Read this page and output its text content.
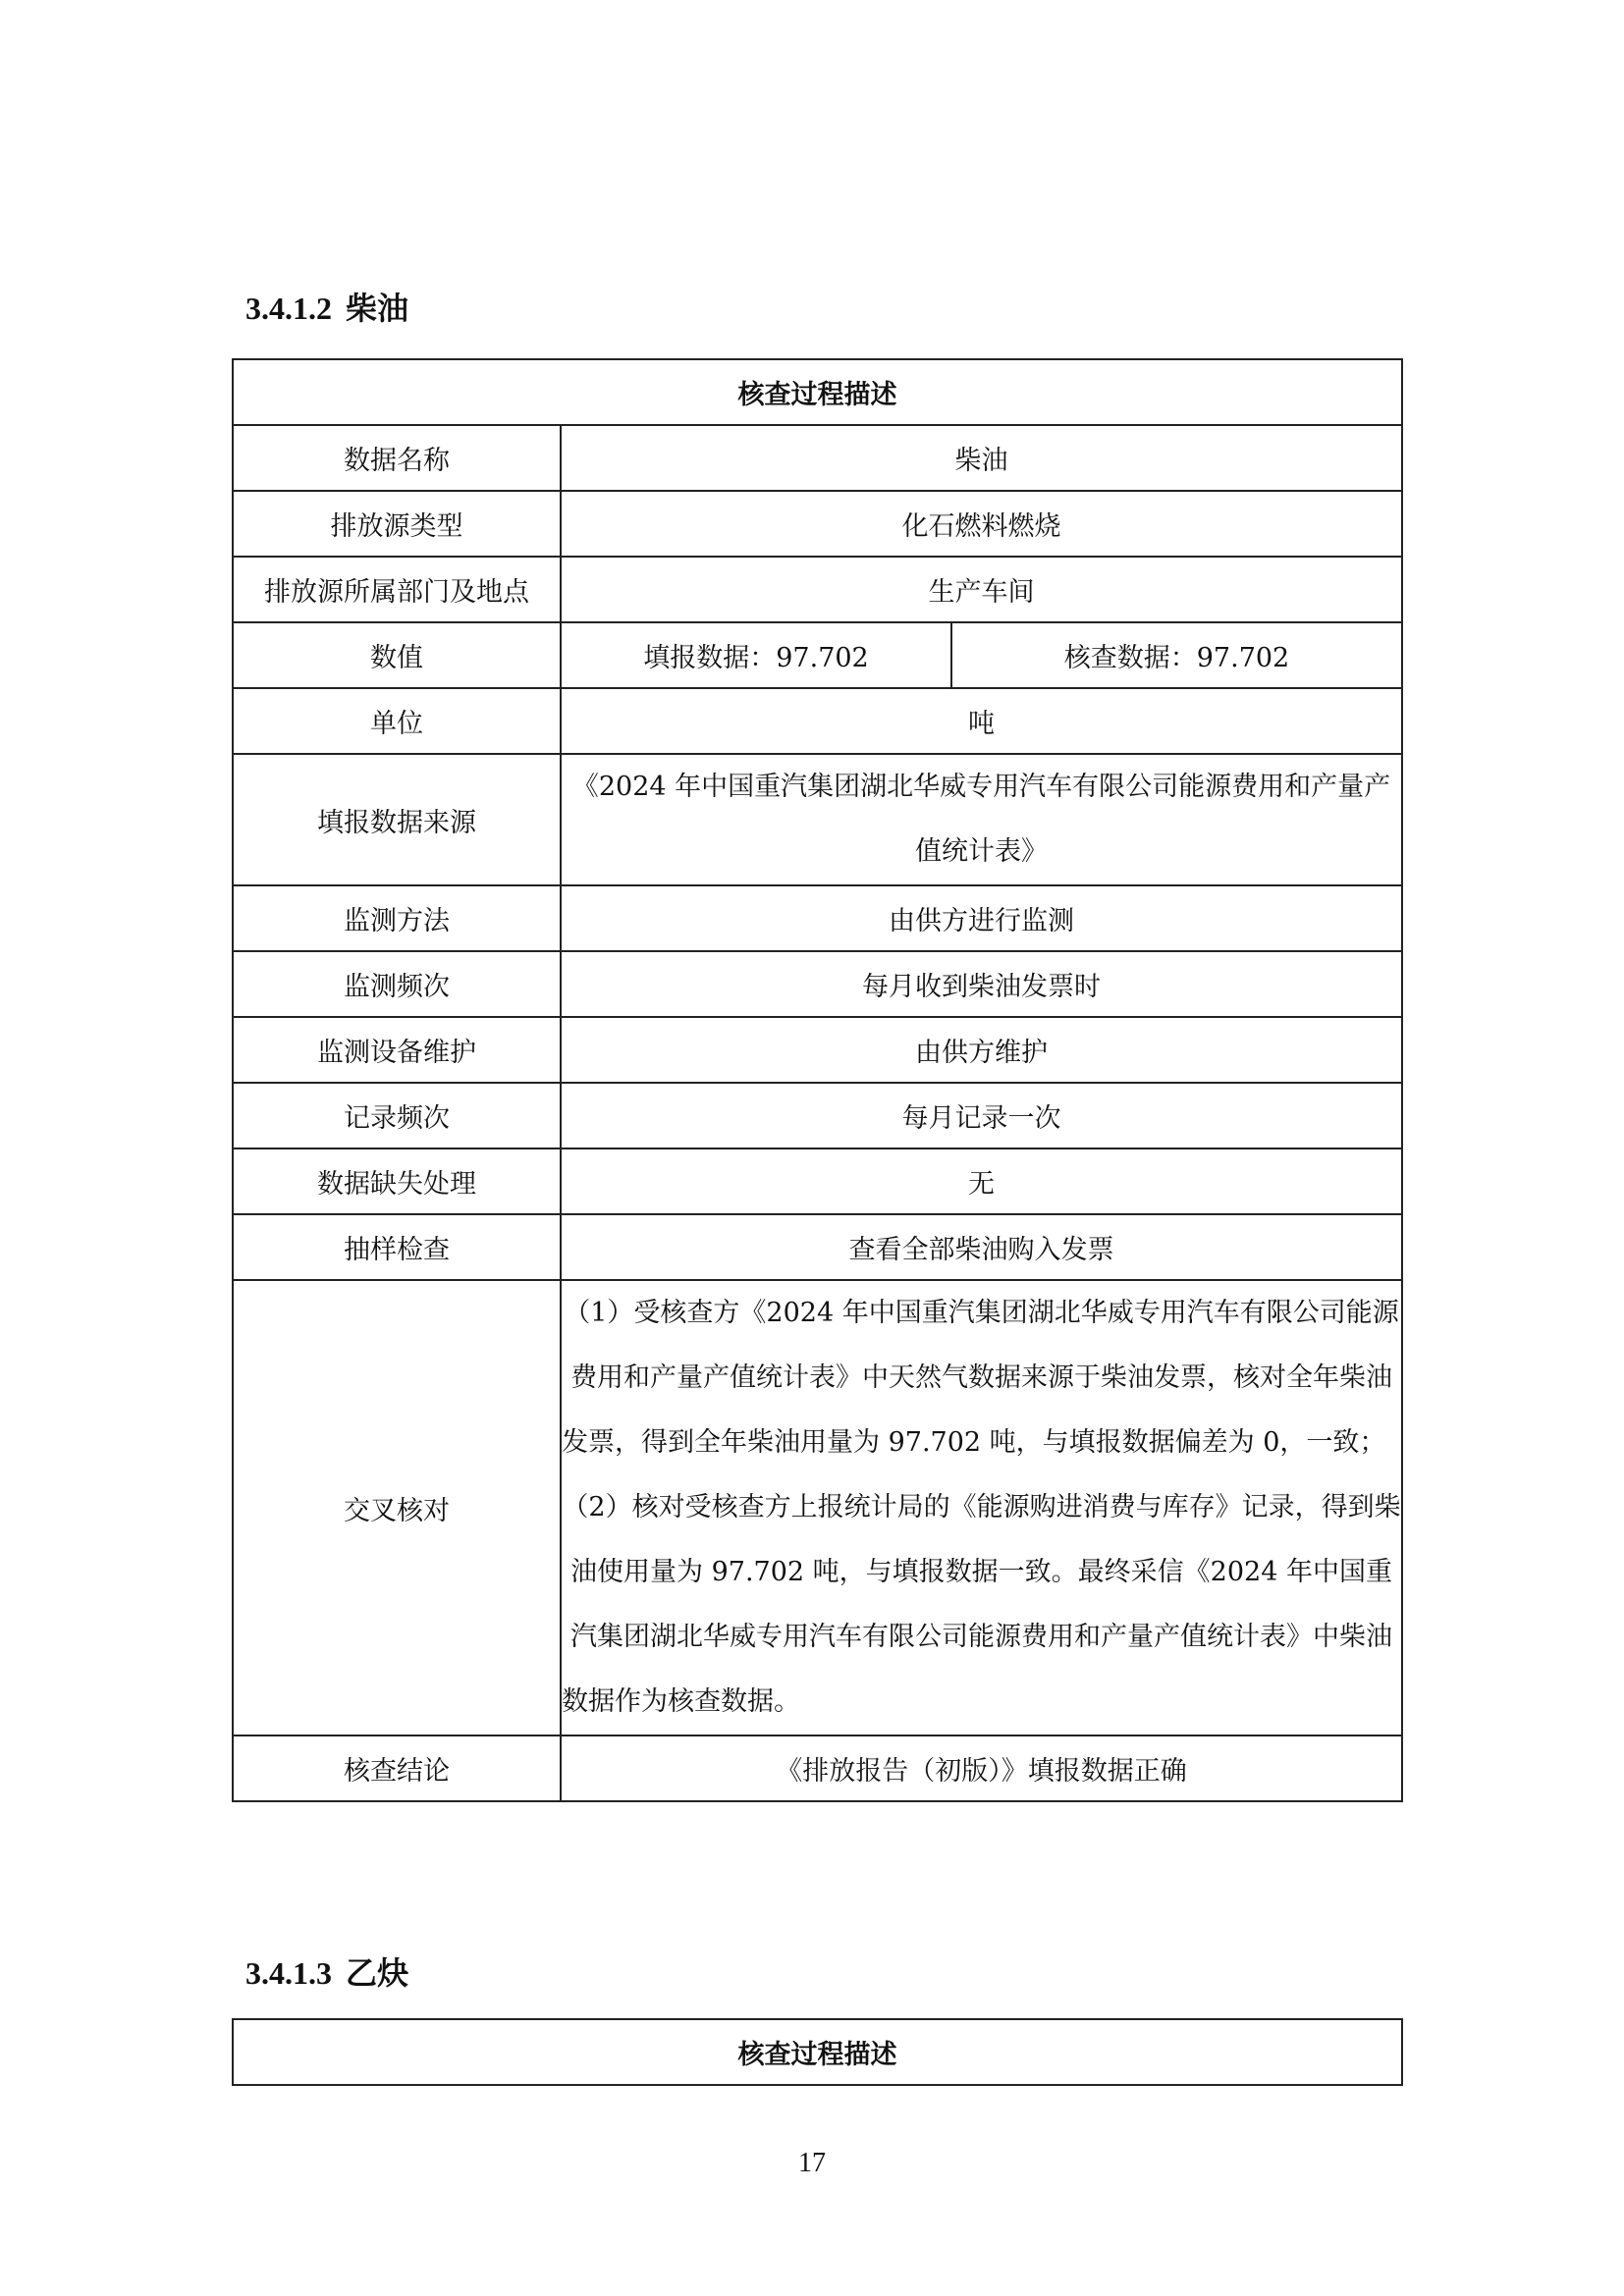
3.4.1.2 柴油
核查过程描述		
数据名称	柴油	
排放源类型	化石燃料燃烧	
排放源所属部门及地点	生产车间	
数值	填报数据：97.702	核查数据：97.702
单位	吨	
填报数据来源	《2024 年中国重汽集团湖北华威专用汽车有限公司能源费用和产量产值统计表》	
监测方法	由供方进行监测	
监测频次	每月收到柴油发票时	
监测设备维护	由供方维护	
记录频次	每月记录一次	
数据缺失处理	无	
抽样检查	查看全部柴油购入发票	
交叉核对	（1）受核查方《2024 年中国重汽集团湖北华威专用汽车有限公司能源费用和产量产值统计表》中天然气数据来源于柴油发票，核对全年柴油发票，得到全年柴油用量为 97.702 吨，与填报数据偏差为 0，一致；
（2）核对受核查方上报统计局的《能源购进消费与库存》记录，得到柴油使用量为 97.702 吨，与填报数据一致。最终采信《2024 年中国重汽集团湖北华威专用汽车有限公司能源费用和产量产值统计表》中柴油数据作为核查数据。	

核查结论	《排放报告（初版）》填报数据正确	
3.4.1.3 乙炔
核查过程描述
17
